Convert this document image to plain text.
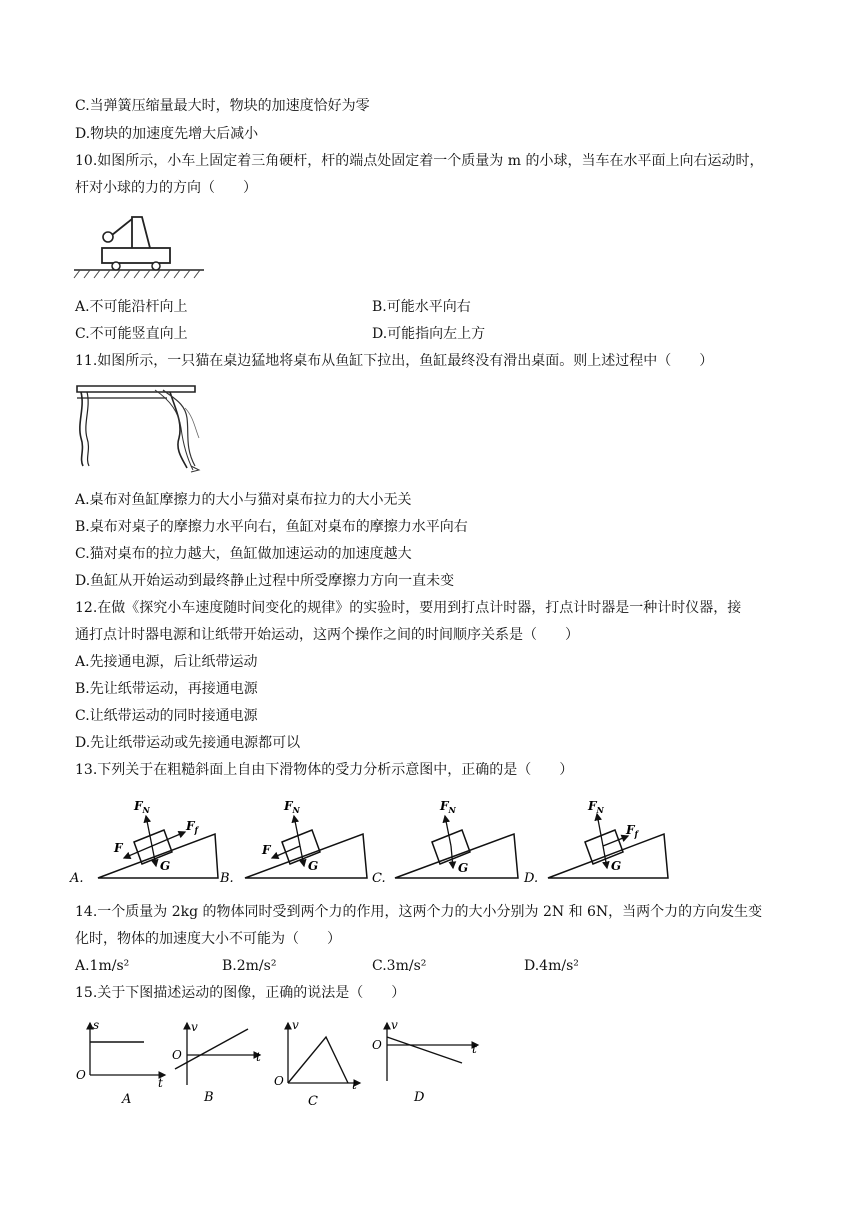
C.当弹簧压缩量最大时，物块的加速度恰好为零
D.物块的加速度先增大后减小
10.如图所示，小车上固定着三角硬杆，杆的端点处固定着一个质量为 m 的小球，当车在水平面上向右运动时，
杆对小球的力的方向（　　）
A.不可能沿杆向上	B.可能水平向右
C.不可能竖直向上	D.可能指向左上方
11.如图所示，一只猫在桌边猛地将桌布从鱼缸下拉出，鱼缸最终没有滑出桌面。则上述过程中（　　）
A.桌布对鱼缸摩擦力的大小与猫对桌布拉力的大小无关
B.桌布对桌子的摩擦力水平向右，鱼缸对桌布的摩擦力水平向右
C.猫对桌布的拉力越大，鱼缸做加速运动的加速度越大
D.鱼缸从开始运动到最终静止过程中所受摩擦力方向一直未变
12.在做《探究小车速度随时间变化的规律》的实验时，要用到打点计时器，打点计时器是一种计时仪器，接
通打点计时器电源和让纸带开始运动，这两个操作之间的时间顺序关系是（　　）
A.先接通电源，后让纸带运动
B.先让纸带运动，再接通电源
C.让纸带运动的同时接通电源
D.先让纸带运动或先接通电源都可以
13.下列关于在粗糙斜面上自由下滑物体的受力分析示意图中，正确的是（　　）
$F_N$
$F_f$
F
G
A.
$F_N$
F
G
B.
$F_N$
G
C.
$F_N$
$F_f$
G
D.
14.一个质量为 2kg 的物体同时受到两个力的作用，这两个力的大小分别为 2N 和 6N，当两个力的方向发生变
化时，物体的加速度大小不可能为（　　）
A.1m/s²	B.2m/s²	C.3m/s²	D.4m/s²
15.关于下图描述运动的图像，正确的说法是（　　）
s
O
t
A
v
O	t
B
v
O	t
C
v
O	t
D
